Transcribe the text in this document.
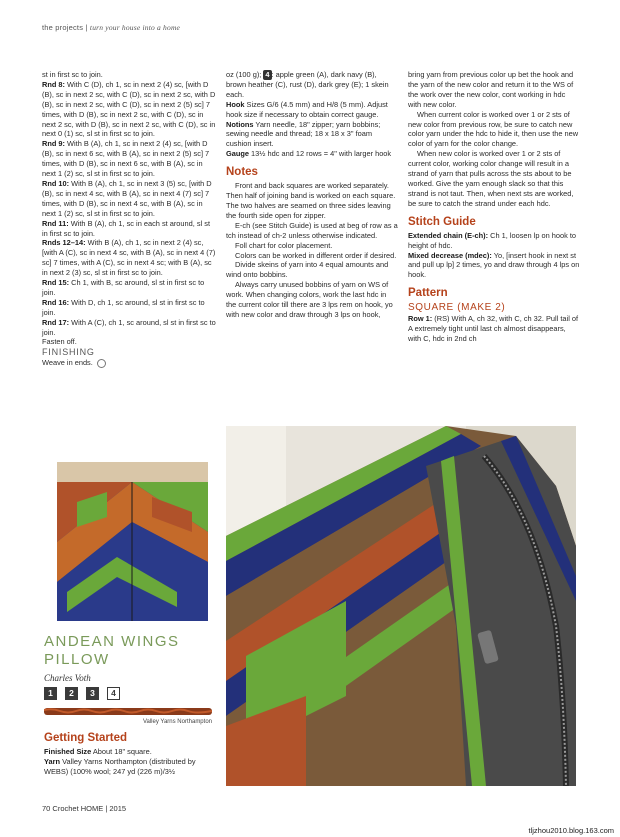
the projects | turn your house into a home

st in first sc to join.

Rnd 8: With C (D), ch 1, sc in next 2 (4) sc, [with D (B), sc in next 2 sc, with C (D), sc in next 2 sc, with D (B), sc in next 2 sc, with C (D), sc in next 2 (5) sc] 7 times, with D (B), sc in next 2 sc, with C (D), sc in next 2 sc, with D (B), sc in next 2 sc, with C (D), sc in next 0 (1) sc, sl st in first sc to join.

Rnd 9: With B (A), ch 1, sc in next 2 (4) sc, [with D (B), sc in next 6 sc, with B (A), sc in next 2 (5) sc] 7 times, with D (B), sc in next 6 sc, with B (A), sc in next 1 (2) sc, sl st in first sc to join.

Rnd 10: With B (A), ch 1, sc in next 3 (5) sc, [with D (B), sc in next 4 sc, with B (A), sc in next 4 (7) sc] 7 times, with D (B), sc in next 4 sc, with B (A), sc in next 1 (2) sc, sl st in first sc to join.

Rnd 11: With B (A), ch 1, sc in each st around, sl st in first sc to join.

Rnds 12–14: With B (A), ch 1, sc in next 2 (4) sc, [with A (C), sc in next 4 sc, with B (A), sc in next 4 (7) sc] 7 times, with A (C), sc in next 4 sc; with B (A), sc in next 2 (3) sc, sl st in first sc to join.

Rnd 15: Ch 1, with B, sc around, sl st in first sc to join.

Rnd 16: With D, ch 1, sc around, sl st in first sc to join.

Rnd 17: With A (C), ch 1, sc around, sl st in first sc to join.

Fasten off.

FINISHING

Weave in ends.

oz (100 g); 4 : apple green (A), dark navy (B), brown heather (C), rust (D), dark grey (E); 1 skein each.

Hook Sizes G/6 (4.5 mm) and H/8 (5 mm). Adjust hook size if necessary to obtain correct gauge.

Notions Yarn needle, 18" zipper; yarn bobbins; sewing needle and thread; 18 x 18 x 3" foam cushion insert.

Gauge 13½ hdc and 12 rows = 4" with larger hook

Notes

Front and back squares are worked separately. Then half of joining band is worked on each square. The two halves are seamed on three sides leaving the fourth side open for zipper.

E-ch (see Stitch Guide) is used at beg of row as a tch instead of ch-2 unless otherwise indicated.

Foll chart for color placement.

Colors can be worked in different order if desired.

Divide skeins of yarn into 4 equal amounts and wind onto bobbins.

Always carry unused bobbins of yarn on WS of work. When changing colors, work the last hdc in the current color till there are 3 lps rem on hook, yo with new color and draw through 3 lps on hook,

bring yarn from previous color up bet the hook and the yarn of the new color and return it to the WS of the work over the new color, cont working in hdc with new color.

When current color is worked over 1 or 2 sts of new color from previous row, be sure to catch new color yarn under the hdc to hide it, then use the new color of yarn for the color change.

When new color is worked over 1 or 2 sts of current color, working color change will result in a strand of yarn that pulls across the sts about to be worked. Give the yarn enough slack so that this strand is not taut. Then, when next sts are worked, be sure to catch the strand under each hdc.

Stitch Guide

Extended chain (E-ch): Ch 1, loosen lp on hook to height of hdc.

Mixed decrease (mdec): Yo, [insert hook in next st and pull up lp] 2 times, yo and draw through 4 lps on hook.

Pattern
SQUARE (MAKE 2)

Row 1: (RS) With A, ch 32, with C, ch 32. Pull tail of A extremely tight until last ch almost disappears, with C, hdc in 2nd ch

ANDEAN WINGS
PILLOW
Charles Voth
1	2	3	4
Valley Yarns Northampton
Getting Started

Finished Size About 18" square.

Yarn Valley Yarns Northampton (distributed by WEBS) (100% wool; 247 yd (226 m)/3½

70 Crochet HOME | 2015
tljzhou2010.blog.163.com
